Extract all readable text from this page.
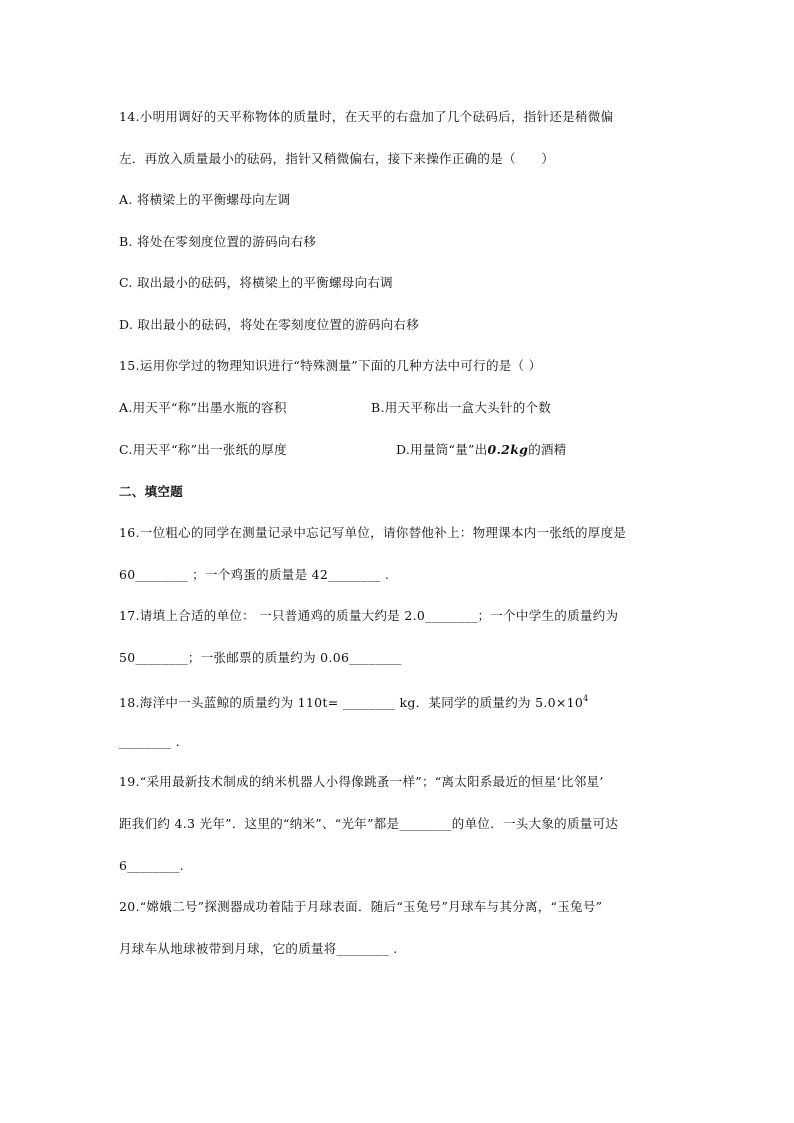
14.小明用调好的天平称物体的质量时，在天平的右盘加了几个砝码后，指针还是稍微偏
左．再放入质量最小的砝码，指针又稍微偏右，接下来操作正确的是（　　）
A. 将横梁上的平衡螺母向左调
B. 将处在零刻度位置的游码向右移
C. 取出最小的砝码，将横梁上的平衡螺母向右调
D. 取出最小的砝码，将处在零刻度位置的游码向右移
15.运用你学过的物理知识进行“特殊测量”下面的几种方法中可行的是（ ）
A.用天平“称”出墨水瓶的容积	B.用天平称出一盒大头针的个数
C.用天平“称”出一张纸的厚度	D.用量筒“量”出0.2kg的酒精
二、填空题
16.一位粗心的同学在测量记录中忘记写单位，请你替他补上：物理课本内一张纸的厚度是
60________ ；一个鸡蛋的质量是 42________ .
17.请填上合适的单位： 一只普通鸡的质量大约是 2.0________；一个中学生的质量约为
50________；一张邮票的质量约为 0.06________
18.海洋中一头蓝鲸的质量约为 110t= ________ kg．某同学的质量约为 $5.0\times 10^4$
________ .
19.“采用最新技术制成的纳米机器人小得像跳蚤一样”；“离太阳系最近的恒星‘比邻星’
距我们约 4.3 光年”．这里的“纳米”、“光年”都是________的单位．一头大象的质量可达
6________.
20.“嫦娥二号”探测器成功着陆于月球表面．随后“玉兔号”月球车与其分离，“玉兔号”
月球车从地球被带到月球，它的质量将________ .
